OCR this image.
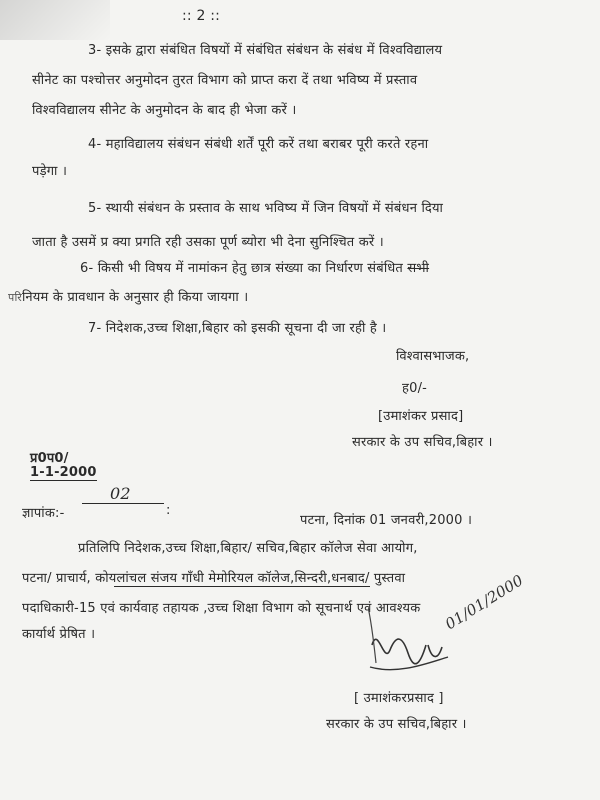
:: 2 ::
3- इसके द्वारा संबंधित विषयों में संबंधित संबंधन के संबंध में विश्वविद्यालय
सीनेट का पश्चोत्तर अनुमोदन तुरत विभाग को प्राप्त करा दें तथा भविष्य में प्रस्ताव
विश्वविद्यालय सीनेट के अनुमोदन के बाद ही भेजा करें ।
4- महाविद्यालय संबंधन संबंधी शर्तें पूरी करें तथा बराबर पूरी करते रहना
पड़ेगा ।
5- स्थायी संबंधन के प्रस्ताव के साथ भविष्य में जिन विषयों में संबंधन दिया
जाता है उसमें प्र क्या प्रगति रही उसका पूर्ण ब्योरा भी देना सुनिश्चित करें ।
6- किसी भी विषय में नामांकन हेतु छात्र संख्या का निर्धारण संबंधित सभी
परिनियम के प्रावधान के अनुसार ही किया जायगा ।
7- निदेशक,उच्च शिक्षा,बिहार को इसकी सूचना दी जा रही है ।
विश्वासभाजक,
ह0/-
[उमाशंकर प्रसाद]
सरकार के उप सचिव,बिहार ।
प्र0प0/
1-1-2000
ज्ञापांक:-
02
:
पटना, दिनांक 01 जनवरी,2000 ।
प्रतिलिपि निदेशक,उच्च शिक्षा,बिहार/ सचिव,बिहार कॉलेज सेवा आयोग,
पटना/ प्राचार्य, कोयलांचल संजय गाँधी मेमोरियल कॉलेज,सिन्दरी,धनबाद/ पुस्तवा
पदाधिकारी-15 एवं कार्यवाह तहायक ,उच्च शिक्षा विभाग को सूचनार्थ एवं आवश्यक
कार्यार्थ प्रेषित ।
01/01/2000
[ उमाशंकरप्रसाद ]
सरकार के उप सचिव,बिहार ।
